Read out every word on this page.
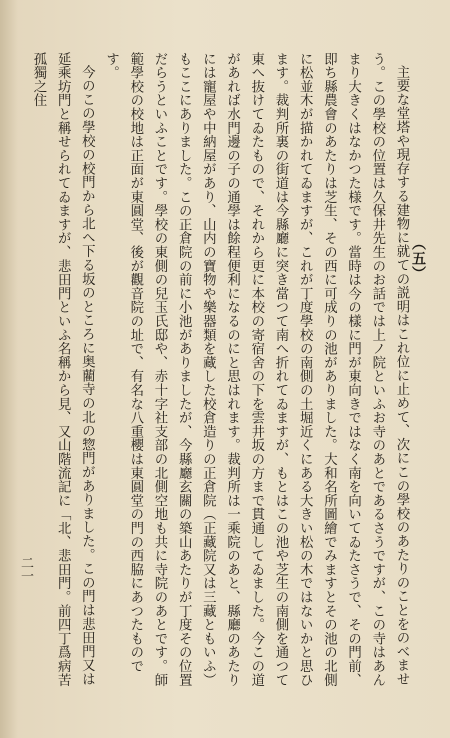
（五）

主要な堂塔や現存する建物に就ての説明はこれ位に止めて、次にこの學校のあたりのことをのべませう。この學校の位置は久保井先生のお話では上ノ院といふお寺のあとであるさうですが、この寺はあんまり大きくはなかつた様です。當時は今の樣に門が東向きではなく南を向いてゐたさうで、その門前、即ち縣農會のあたりは芝生、その西に可成りの池がありました。大和名所圖繪でみますとその池の北側に松並木が描かれてゐますが、これが丁度學校の南側の土堀近くにある大きい松の木ではないかと思ひます。裁判所裏の街道は今縣廳に突き當つて南へ折れてゐますが、もとはこの池や芝生の南側を通つて東へ抜けてゐたもので、それから更に本校の寄宿舍の下を雲井坂の方まで貫通してゐました。今この道があれば水門邊の子の通學は餘程便利になるのにと思はれます。裁判所は一乘院のあと、縣廳のあたりには寵屋や中納屋があり、山内の寶物や樂器類を藏した校倉造りの正倉院（正藏院又は三藏ともいふ）もここにありました。この正倉院の前に小池がありましたが、今縣廳玄關の築山あたりが丁度その位置だらうといふことです。學校の東側の兒玉氏邸や、赤十字社支部の北側空地も共に寺院のあとです。師範學校の校地は正面が東圓堂、後が觀音院の址で、有名な八重櫻は東圓堂の門の西脇にあつたものです。

今のこの學校の校門から北へ下る坂のところに奥藺寺の北の惣門がありました。この門は悲田門又は延乘坊門と稱せられてゐますが、悲田門といふ名稱から見、又山階流記に「北、悲田門。前四丁爲病苦孤獨之住

二一
